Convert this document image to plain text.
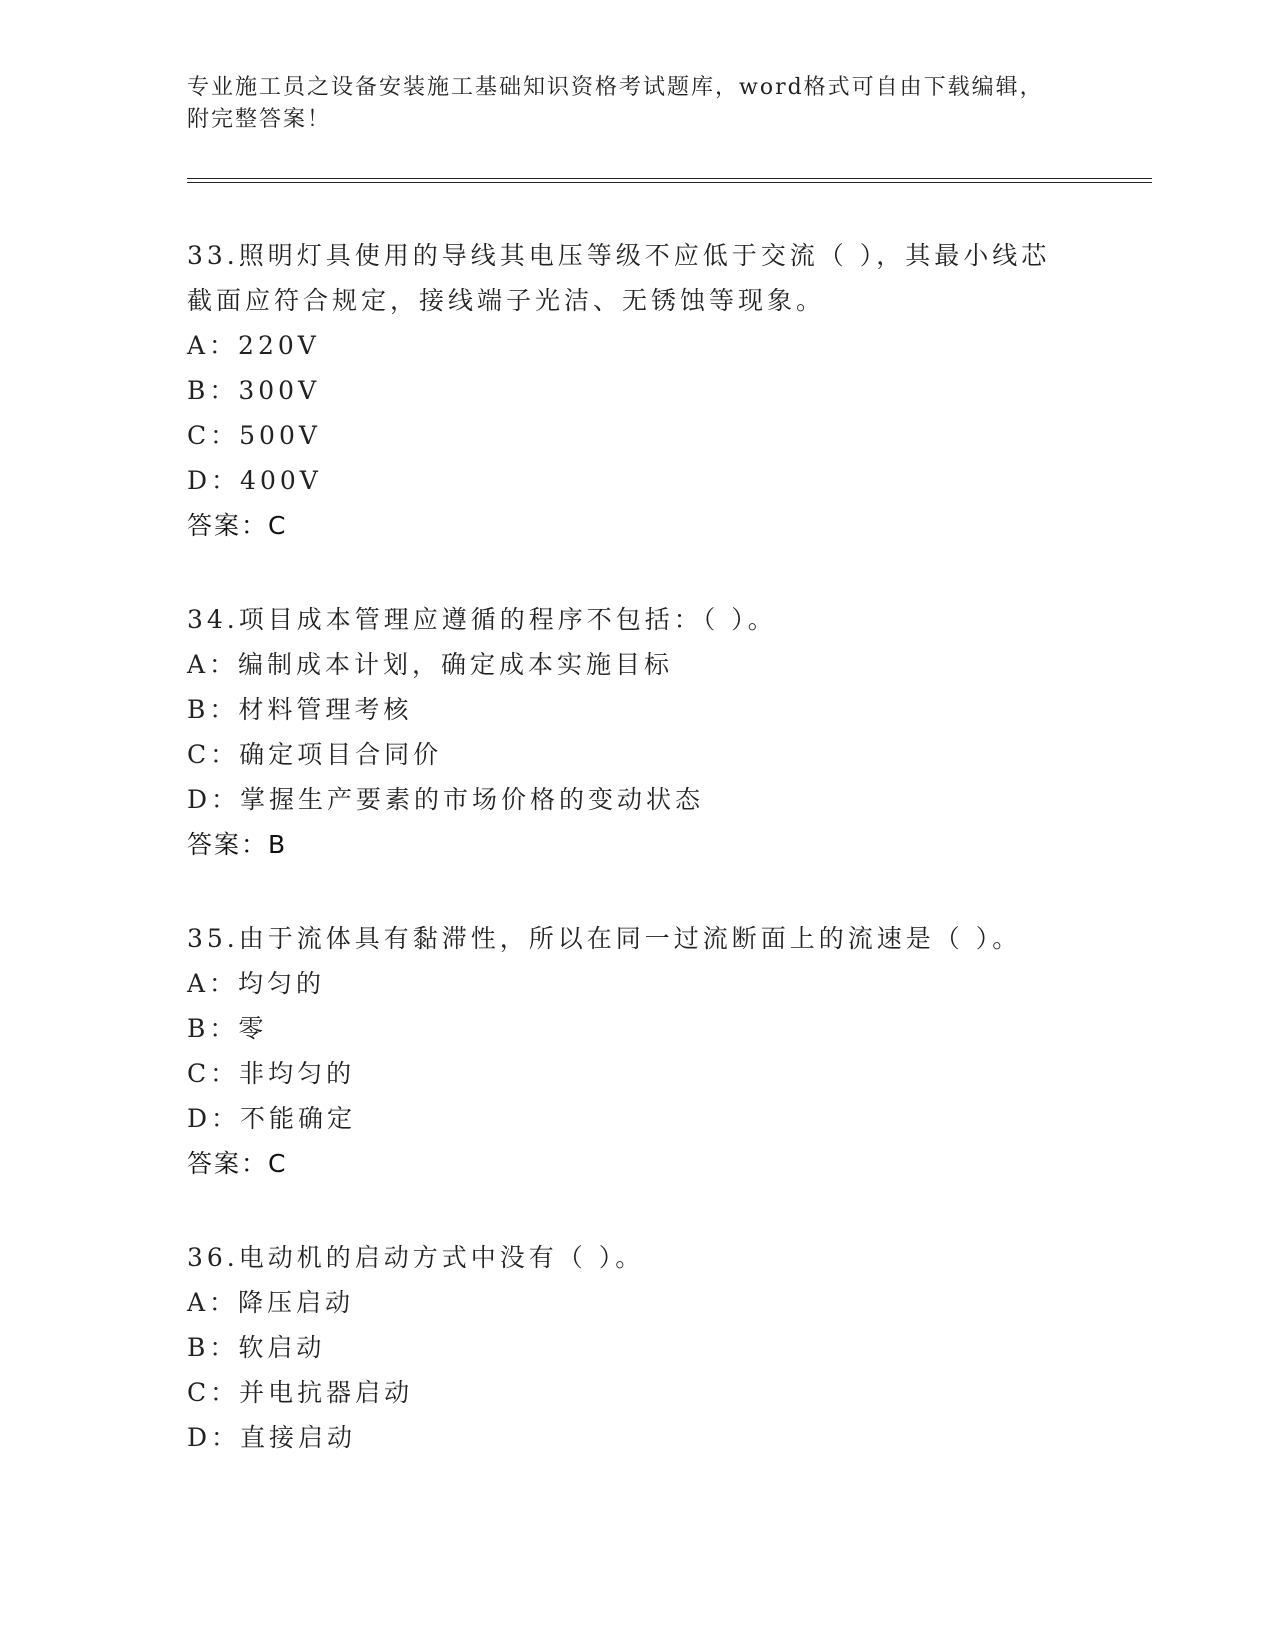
专业施工员之设备安装施工基础知识资格考试题库，word格式可自由下载编辑，
附完整答案！
33.照明灯具使用的导线其电压等级不应低于交流（ ），其最小线芯
截面应符合规定，接线端子光洁、无锈蚀等现象。
A：220V
B：300V
C：500V
D：400V
答案：C
34.项目成本管理应遵循的程序不包括：（ ）。
A：编制成本计划，确定成本实施目标
B：材料管理考核
C：确定项目合同价
D：掌握生产要素的市场价格的变动状态
答案：B
35.由于流体具有黏滞性，所以在同一过流断面上的流速是（ ）。
A：均匀的
B：零
C：非均匀的
D：不能确定
答案：C
36.电动机的启动方式中没有（ ）。
A：降压启动
B：软启动
C：并电抗器启动
D：直接启动
